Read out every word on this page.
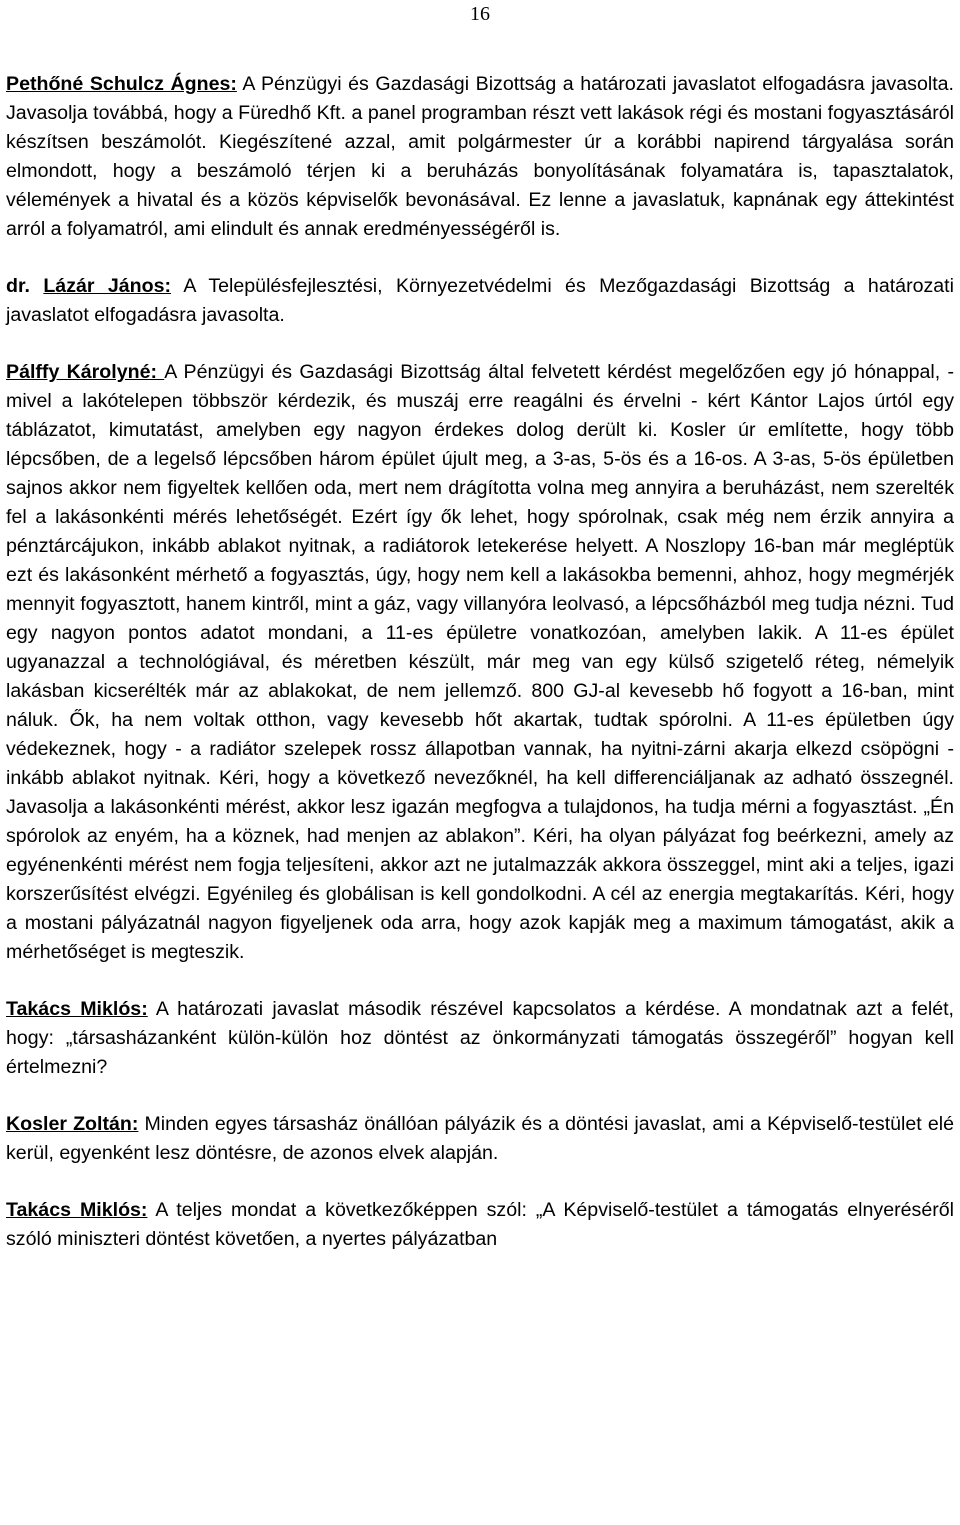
16

Pethőné Schulcz Ágnes: A Pénzügyi és Gazdasági Bizottság a határozati javaslatot elfogadásra javasolta. Javasolja továbbá, hogy a Füredhő Kft. a panel programban részt vett lakások régi és mostani fogyasztásáról készítsen beszámolót. Kiegészítené azzal, amit polgármester úr a korábbi napirend tárgyalása során elmondott, hogy a beszámoló térjen ki a beruházás bonyolításának folyamatára is, tapasztalatok, vélemények a hivatal és a közös képviselők bevonásával. Ez lenne a javaslatuk, kapnának egy áttekintést arról a folyamatról, ami elindult és annak eredményességéről is.

dr. Lázár János: A Településfejlesztési, Környezetvédelmi és Mezőgazdasági Bizottság a határozati javaslatot elfogadásra javasolta.

Pálffy Károlyné: A Pénzügyi és Gazdasági Bizottság által felvetett kérdést megelőzően egy jó hónappal, - mivel a lakótelepen többször kérdezik, és muszáj erre reagálni és érvelni - kért Kántor Lajos úrtól egy táblázatot, kimutatást, amelyben egy nagyon érdekes dolog derült ki. Kosler úr említette, hogy több lépcsőben, de a legelső lépcsőben három épület újult meg, a 3-as, 5-ös és a 16-os. A 3-as, 5-ös épületben sajnos akkor nem figyeltek kellően oda, mert nem drágította volna meg annyira a beruházást, nem szerelték fel a lakásonkénti mérés lehetőségét. Ezért így ők lehet, hogy spórolnak, csak még nem érzik annyira a pénztárcájukon, inkább ablakot nyitnak, a radiátorok letekerése helyett. A Noszlopy 16-ban már megléptük ezt és lakásonként mérhető a fogyasztás, úgy, hogy nem kell a lakásokba bemenni, ahhoz, hogy megmérjék mennyit fogyasztott, hanem kintről, mint a gáz, vagy villanyóra leolvasó, a lépcsőházból meg tudja nézni. Tud egy nagyon pontos adatot mondani, a 11-es épületre vonatkozóan, amelyben lakik. A 11-es épület ugyanazzal a technológiával, és méretben készült, már meg van egy külső szigetelő réteg, némelyik lakásban kicserélték már az ablakokat, de nem jellemző. 800 GJ-al kevesebb hő fogyott a 16-ban, mint náluk. Ők, ha nem voltak otthon, vagy kevesebb hőt akartak, tudtak spórolni. A 11-es épületben úgy védekeznek, hogy - a radiátor szelepek rossz állapotban vannak, ha nyitni-zárni akarja elkezd csöpögni - inkább ablakot nyitnak. Kéri, hogy a következő nevezőknél, ha kell differenciáljanak az adható összegnél. Javasolja a lakásonkénti mérést, akkor lesz igazán megfogva a tulajdonos, ha tudja mérni a fogyasztást. „Én spórolok az enyém, ha a köznek, had menjen az ablakon”. Kéri, ha olyan pályázat fog beérkezni, amely az egyénenkénti mérést nem fogja teljesíteni, akkor azt ne jutalmazzák akkora összeggel, mint aki a teljes, igazi korszerűsítést elvégzi. Egyénileg és globálisan is kell gondolkodni. A cél az energia megtakarítás. Kéri, hogy a mostani pályázatnál nagyon figyeljenek oda arra, hogy azok kapják meg a maximum támogatást, akik a mérhetőséget is megteszik.

Takács Miklós: A határozati javaslat második részével kapcsolatos a kérdése. A mondatnak azt a felét, hogy: „társasházanként külön-külön hoz döntést az önkormányzati támogatás összegéről” hogyan kell értelmezni?

Kosler Zoltán: Minden egyes társasház önállóan pályázik és a döntési javaslat, ami a Képviselő-testület elé kerül, egyenként lesz döntésre, de azonos elvek alapján.

Takács Miklós: A teljes mondat a következőképpen szól: „A Képviselő-testület a támogatás elnyeréséről szóló miniszteri döntést követően, a nyertes pályázatban
